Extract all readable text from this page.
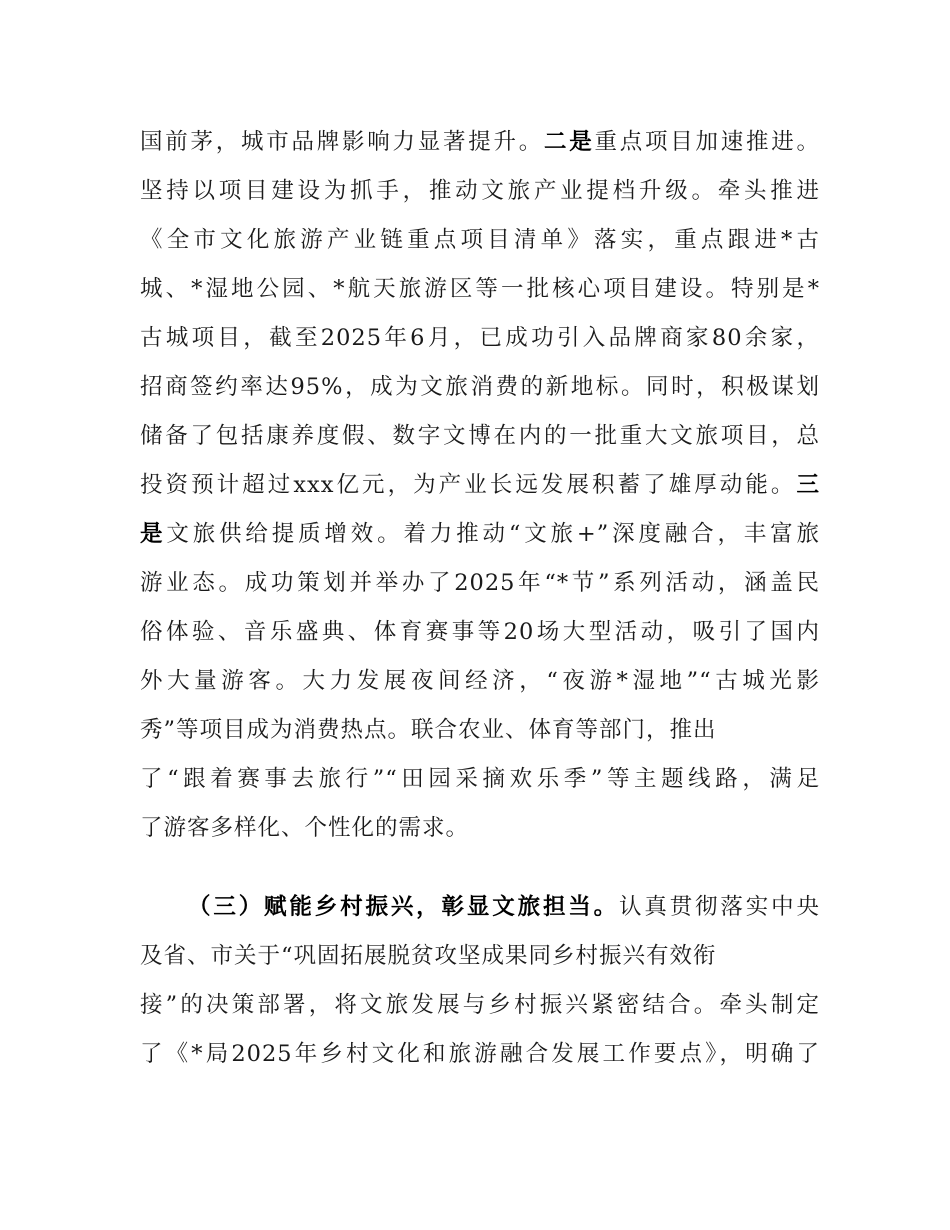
国前茅，城市品牌影响力显著提升。二是重点项目加速推进。
坚持以项目建设为抓手，推动文旅产业提档升级。牵头推进
《全市文化旅游产业链重点项目清单》落实，重点跟进*古
城、*湿地公园、*航天旅游区等一批核心项目建设。特别是*
古城项目，截至2025年6月，已成功引入品牌商家80余家，
招商签约率达95%，成为文旅消费的新地标。同时，积极谋划
储备了包括康养度假、数字文博在内的一批重大文旅项目，总
投资预计超过xxx亿元，为产业长远发展积蓄了雄厚动能。三
是文旅供给提质增效。着力推动“文旅+”深度融合，丰富旅
游业态。成功策划并举办了2025年“*节”系列活动，涵盖民
俗体验、音乐盛典、体育赛事等20场大型活动，吸引了国内
外大量游客。大力发展夜间经济，“夜游*湿地”“古城光影
秀”等项目成为消费热点。联合农业、体育等部门，推出
了“跟着赛事去旅行”“田园采摘欢乐季”等主题线路，满足
了游客多样化、个性化的需求。
（三）赋能乡村振兴，彰显文旅担当。认真贯彻落实中央
及省、市关于“巩固拓展脱贫攻坚成果同乡村振兴有效衔
接”的决策部署，将文旅发展与乡村振兴紧密结合。牵头制定
了《*局2025年乡村文化和旅游融合发展工作要点》，明确了
